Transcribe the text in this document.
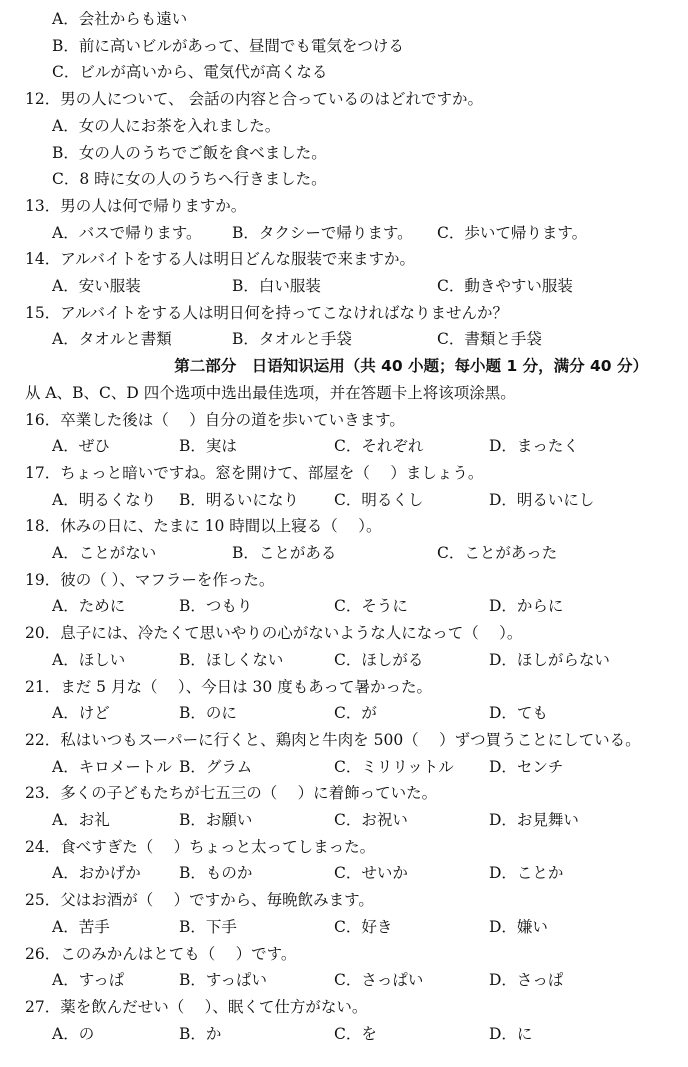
A．会社からも遠い
B．前に高いビルがあって、昼間でも電気をつける
C．ビルが高いから、電気代が高くなる
12．男の人について、 会話の内容と合っているのはどれですか。
A．女の人にお茶を入れました。
B．女の人のうちでご飯を食べました。
C．8 時に女の人のうちへ行きました。
13．男の人は何で帰りますか。
A．バスで帰ります。 B．タクシーで帰ります。 C．歩いて帰ります。
14．アルバイトをする人は明日どんな服装で来ますか。
A．安い服装	B．白い服装	C．動きやすい服装
15．アルバイトをする人は明日何を持ってこなければなりませんか？
A．タオルと書類	B．タオルと手袋	C．書類と手袋
第二部分　日语知识运用（共 40 小题；每小题 1 分，满分 40 分）
从 A、B、C、D 四个选项中选出最佳选项，并在答题卡上将该项涂黑。
16．卒業した後は（　 ）自分の道を歩いていきます。
A．ぜひ	B．実は	C．それぞれ	D．まったく
17．ちょっと暗いですね。窓を開けて、部屋を（　 ）ましょう。
A．明るくなり B．明るいになり C．明るくし	D．明るいにし
18．休みの日に、たまに 10 時間以上寝る（　 ）。
A．ことがない	B．ことがある	C．ことがあった
19．彼の（ ）、マフラーを作った。
A．ために	B．つもり	C．そうに	D．からに
20．息子には、冷たくて思いやりの心がないような人になって（　 ）。
A．ほしい	B．ほしくない	C．ほしがる	D．ほしがらない
21．まだ 5 月な（　 ）、今日は 30 度もあって暑かった。
A．けど	B．のに	C．が	D．ても
22．私はいつもスーパーに行くと、鶏肉と牛肉を 500（　 ）ずつ買うことにしている。
A．キロメートル B．グラム	C．ミリリットル D．センチ
23．多くの子どもたちが七五三の（　 ）に着飾っていた。
A．お礼	B．お願い	C．お祝い	D．お見舞い
24．食べすぎた（　 ）ちょっと太ってしまった。
A．おかげか B．ものか	C．せいか	D．ことか
25．父はお酒が（　 ）ですから、毎晩飲みます。
A．苦手	B．下手	C．好き	D．嫌い
26．このみかんはとても（　 ）です。
A．すっぱ	B．すっぱい	C．さっぱい	D．さっぱ
27．薬を飲んだせい（　 ）、眠くて仕方がない。
A．の	B．か	C．を	D．に
